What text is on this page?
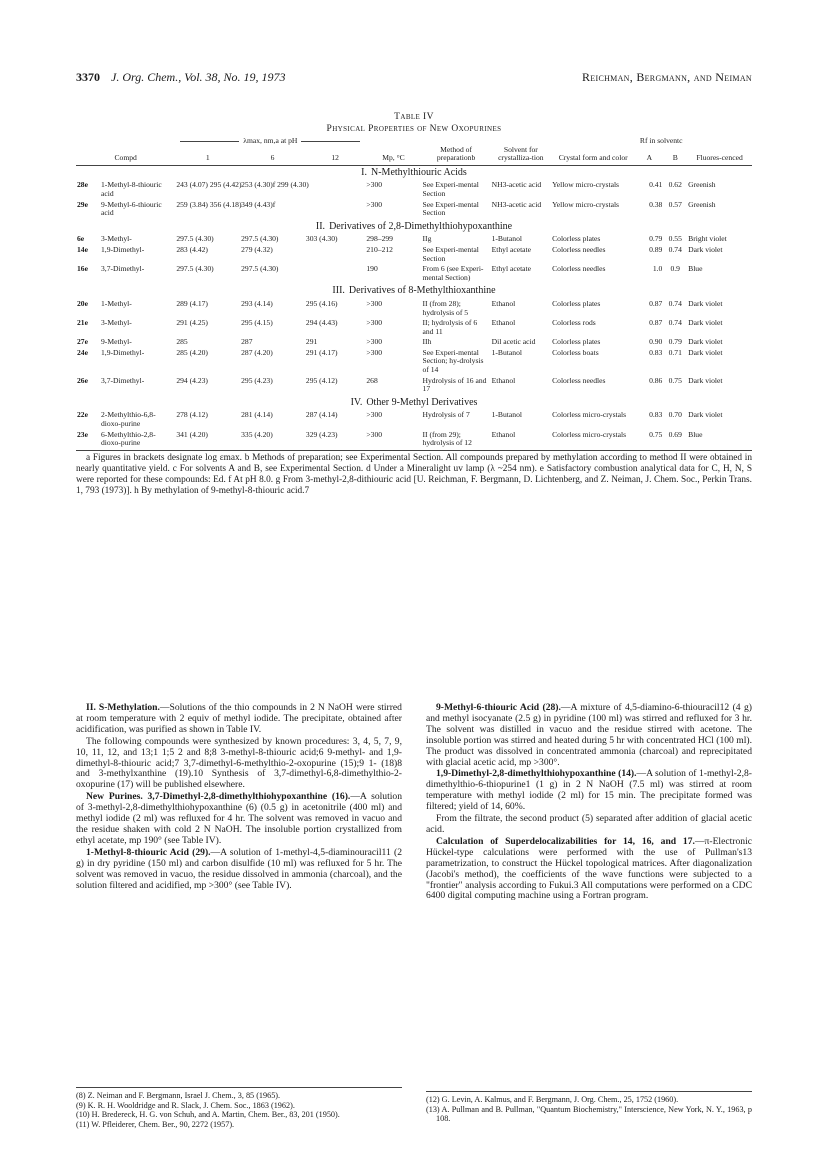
3370 J. Org. Chem., Vol. 38, No. 19, 1973	Reichman, Bergmann, and Neiman
Table IV
Physical Properties of New Oxopurines

λmax, nm,a at pH							Rf in solventc		
Compd	1	6	12	Mp, °C	Method of preparationb	Solvent for crystalliza-tion	Crystal form and color	A	B	Fluores-cenced
I. N-Methylthiouric Acids										
28e 1-Methyl-8-thiouric acid	243 (4.07) 295 (4.42)	253 (4.30)f 299 (4.30)		>300	See Experi-mental Section	NH3-acetic acid	Yellow micro-crystals	0.41	0.62	Greenish
29e 9-Methyl-6-thiouric acid	259 (3.84) 356 (4.18)	349 (4.43)f		>300	See Experi-mental Section	NH3-acetic acid	Yellow micro-crystals	0.38	0.57	Greenish
II. Derivatives of 2,8-Dimethylthiohypoxanthine										
6e 3-Methyl-	297.5 (4.30)	297.5 (4.30)	303 (4.30)	298–299	IIg	1-Butanol	Colorless plates	0.79	0.55	Bright violet
14e 1,9-Dimethyl-	283 (4.42)	279 (4.32)		210–212	See Experi-mental Section	Ethyl acetate	Colorless needles	0.89	0.74	Dark violet
16e 3,7-Dimethyl-	297.5 (4.30)	297.5 (4.30)		190	From 6 (see Experi-mental Section)	Ethyl acetate	Colorless needles	1.0	0.9	Blue
III. Derivatives of 8-Methylthioxanthine										
20e 1-Methyl-	289 (4.17)	293 (4.14)	295 (4.16)	>300	II (from 28); hydrolysis of 5	Ethanol	Colorless plates	0.87	0.74	Dark violet
21e 3-Methyl-	291 (4.25)	295 (4.15)	294 (4.43)	>300	II; hydrolysis of 6 and 11	Ethanol	Colorless rods	0.87	0.74	Dark violet
27e 9-Methyl-	285	287	291	>300	IIh	Dil acetic acid	Colorless plates	0.90	0.79	Dark violet
24e 1,9-Dimethyl-	285 (4.20)	287 (4.20)	291 (4.17)	>300	See Experi-mental Section; hy-drolysis of 14	1-Butanol	Colorless boats	0.83	0.71	Dark violet
26e 3,7-Dimethyl-	294 (4.23)	295 (4.23)	295 (4.12)	268	Hydrolysis of 16 and 17	Ethanol	Colorless needles	0.86	0.75	Dark violet
IV. Other 9-Methyl Derivatives										
22e 2-Methylthio-6,8-dioxo-purine	278 (4.12)	281 (4.14)	287 (4.14)	>300	Hydrolysis of 7	1-Butanol	Colorless micro-crystals	0.83	0.70	Dark violet
23e 6-Methylthio-2,8-dioxo-purine	341 (4.20)	335 (4.20)	329 (4.23)	>300	II (from 29); hydrolysis of 12	Ethanol	Colorless micro-crystals	0.75	0.69	Blue

a Figures in brackets designate log εmax. b Methods of preparation; see Experimental Section. All compounds prepared by methylation according to method II were obtained in nearly quantitative yield. c For solvents A and B, see Experimental Section. d Under a Mineralight uv lamp (λ ~254 nm). e Satisfactory combustion analytical data for C, H, N, S were reported for these compounds: Ed. f At pH 8.0. g From 3-methyl-2,8-dithiouric acid [U. Reichman, F. Bergmann, D. Lichtenberg, and Z. Neiman, J. Chem. Soc., Perkin Trans. 1, 793 (1973)]. h By methylation of 9-methyl-8-thiouric acid.7

II. S-Methylation.—Solutions of the thio compounds in 2 N NaOH were stirred at room temperature with 2 equiv of methyl iodide. The precipitate, obtained after acidification, was purified as shown in Table IV.

The following compounds were synthesized by known procedures: 3, 4, 5, 7, 9, 10, 11, 12, and 13;1 1;5 2 and 8;8 3-methyl-8-thiouric acid;6 9-methyl- and 1,9-dimethyl-8-thiouric acid;7 3,7-dimethyl-6-methylthio-2-oxopurine (15);9 1- (18)8 and 3-methylxanthine (19).10 Synthesis of 3,7-dimethyl-6,8-dimethylthio-2-oxopurine (17) will be published elsewhere.

New Purines. 3,7-Dimethyl-2,8-dimethylthiohypoxanthine (16).—A solution of 3-methyl-2,8-dimethylthiohypoxanthine (6) (0.5 g) in acetonitrile (400 ml) and methyl iodide (2 ml) was refluxed for 4 hr. The solvent was removed in vacuo and the residue shaken with cold 2 N NaOH. The insoluble portion crystallized from ethyl acetate, mp 190° (see Table IV).

1-Methyl-8-thiouric Acid (29).—A solution of 1-methyl-4,5-diaminouracil11 (2 g) in dry pyridine (150 ml) and carbon disulfide (10 ml) was refluxed for 5 hr. The solvent was removed in vacuo, the residue dissolved in ammonia (charcoal), and the solution filtered and acidified, mp >300° (see Table IV).

(8) Z. Neiman and F. Bergmann, Israel J. Chem., 3, 85 (1965).
(9) K. R. H. Wooldridge and R. Slack, J. Chem. Soc., 1863 (1962).
(10) H. Bredereck, H. G. von Schuh, and A. Martin, Chem. Ber., 83, 201 (1950).
(11) W. Pfleiderer, Chem. Ber., 90, 2272 (1957).

9-Methyl-6-thiouric Acid (28).—A mixture of 4,5-diamino-6-thiouracil12 (4 g) and methyl isocyanate (2.5 g) in pyridine (100 ml) was stirred and refluxed for 3 hr. The solvent was distilled in vacuo and the residue stirred with acetone. The insoluble portion was stirred and heated during 5 hr with concentrated HCl (100 ml). The product was dissolved in concentrated ammonia (charcoal) and reprecipitated with glacial acetic acid, mp >300°.

1,9-Dimethyl-2,8-dimethylthiohypoxanthine (14).—A solution of 1-methyl-2,8-dimethylthio-6-thiopurine1 (1 g) in 2 N NaOH (7.5 ml) was stirred at room temperature with methyl iodide (2 ml) for 15 min. The precipitate formed was filtered; yield of 14, 60%.

From the filtrate, the second product (5) separated after addition of glacial acetic acid.

Calculation of Superdelocalizabilities for 14, 16, and 17.—π-Electronic Hückel-type calculations were performed with the use of Pullman's13 parametrization, to construct the Hückel topological matrices. After diagonalization (Jacobi's method), the coefficients of the wave functions were subjected to a "frontier" analysis according to Fukui.3 All computations were performed on a CDC 6400 digital computing machine using a Fortran program.

(12) G. Levin, A. Kalmus, and F. Bergmann, J. Org. Chem., 25, 1752 (1960).
(13) A. Pullman and B. Pullman, "Quantum Biochemistry," Interscience, New York, N. Y., 1963, p 108.
